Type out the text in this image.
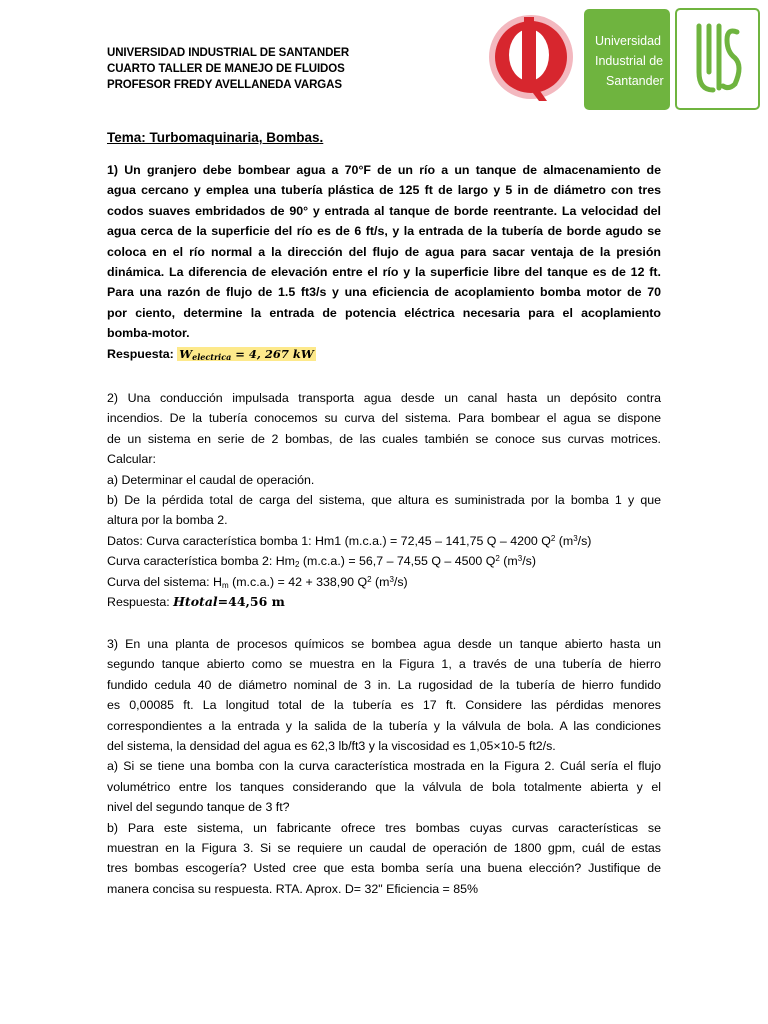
UNIVERSIDAD INDUSTRIAL DE SANTANDER
CUARTO TALLER DE MANEJO DE FLUIDOS
PROFESOR FREDY AVELLANEDA VARGAS
Universidad
Industrial de
Santander
Tema: Turbomaquinaria, Bombas.
1) Un granjero debe bombear agua a 70°F de un río a un tanque de almacenamiento de
agua cercano y emplea una tubería plástica de 125 ft de largo y 5 in de diámetro con tres
codos suaves embridados de 90° y entrada al tanque de borde reentrante. La velocidad del
agua cerca de la superficie del río es de 6 ft/s, y la entrada de la tubería de borde agudo se
coloca en el río normal a la dirección del flujo de agua para sacar ventaja de la presión
dinámica. La diferencia de elevación entre el río y la superficie libre del tanque es de 12 ft.
Para una razón de flujo de 1.5 ft3/s y una eficiencia de acoplamiento bomba motor de 70
por ciento, determine la entrada de potencia eléctrica necesaria para el acoplamiento
bomba-motor.
Respuesta: $W_{electrica} = 4$, 267 kW
2) Una conducción impulsada transporta agua desde un canal hasta un depósito contra
incendios. De la tubería conocemos su curva del sistema. Para bombear el agua se dispone
de un sistema en serie de 2 bombas, de las cuales también se conoce sus curvas motrices.
Calcular:
a) Determinar el caudal de operación.
b) De la pérdida total de carga del sistema, que altura es suministrada por la bomba 1 y que
altura por la bomba 2.
Datos: Curva característica bomba 1: Hm1 (m.c.a.) = 72,45 – 141,75 Q – 4200 $Q^2$ $(m^3/s)$
Curva característica bomba 2: $Hm_2$ (m.c.a.) = 56,7 – 74,55 Q – 4500 $Q^2$ $(m^3/s)$
Curva del sistema: $H_m$ (m.c.a.) = 42 + 338,90 $Q^2$ $(m^3/s)$
Respuesta: Htotal=44,56 m
3) En una planta de procesos químicos se bombea agua desde un tanque abierto hasta un
segundo tanque abierto como se muestra en la Figura 1, a través de una tubería de hierro
fundido cedula 40 de diámetro nominal de 3 in. La rugosidad de la tubería de hierro fundido
es 0,00085 ft. La longitud total de la tubería es 17 ft. Considere las pérdidas menores
correspondientes a la entrada y la salida de la tubería y la válvula de bola. A las condiciones
del sistema, la densidad del agua es 62,3 lb/ft3 y la viscosidad es 1,05×10-5 ft2/s.
a) Si se tiene una bomba con la curva característica mostrada en la Figura 2. Cuál sería el flujo
volumétrico entre los tanques considerando que la válvula de bola totalmente abierta y el
nivel del segundo tanque de 3 ft?
b) Para este sistema, un fabricante ofrece tres bombas cuyas curvas características se
muestran en la Figura 3. Si se requiere un caudal de operación de 1800 gpm, cuál de estas
tres bombas escogería? Usted cree que esta bomba sería una buena elección? Justifique de
manera concisa su respuesta. RTA. Aprox. D= 32" Eficiencia = 85%
